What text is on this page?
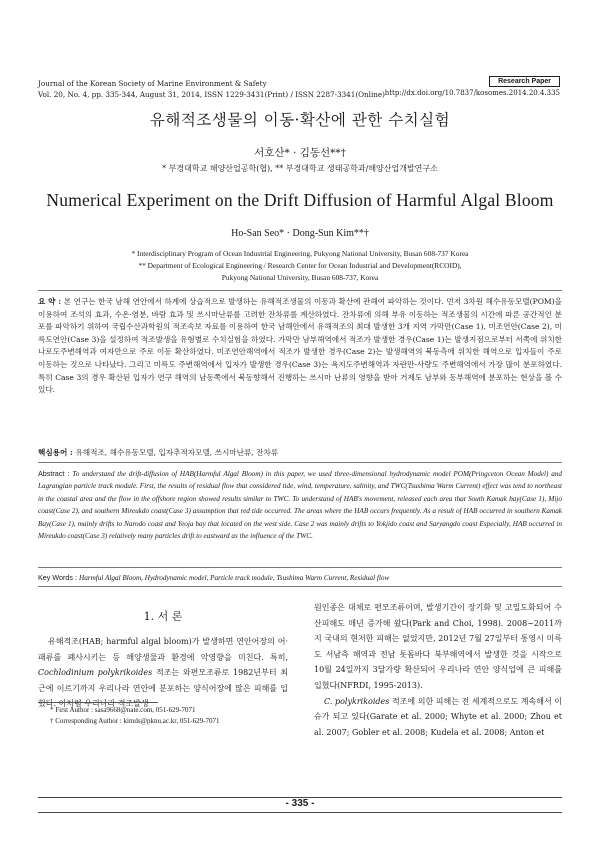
Journal of the Korean Society of Marine Environment & Safety
Vol. 20, No. 4, pp. 335-344, August 31, 2014, ISSN 1229-3431(Print) / ISSN 2287-3341(Online)
Research Paper
http://dx.doi.org/10.7837/kosomes.2014.20.4.335
유해적조생물의 이동·확산에 관한 수치실험
서호산* · 김동선**†
* 부경대학교 해양산업공학(협), ** 부경대학교 생태공학과/해양산업개발연구소
Numerical Experiment on the Drift Diffusion of Harmful Algal Bloom
Ho-San Seo* · Dong-Sun Kim**†
* Interdisciplinary Program of Ocean Industrial Engineering, Pukyong National University, Busan 608-737 Korea
** Department of Ecological Engineering / Research Center for Ocean Industrial and Development(RCOID),
Pukyong National University, Busan 608-737, Korea
요 약 : 본 연구는 한국 남해 연안에서 하계에 상습적으로 발생하는 유해적조생물의 이동과 확산에 관해여 파악하는 것이다. 먼저 3차원 해수유동모델(POM)을 이용하여 조석의 효과, 수온·염분, 바람 효과 및 쓰시마난류를 고려한 잔차류를 계산하였다. 잔차류에 의해 부유 이동하는 적조생물의 시간에 따른 공간적인 분포를 파악하기 위하여 국립수산과학원의 적조속보 자료를 이용하여 한국 남해안에서 유해적조의 최대 발생한 3개 지역 가막만(Case 1), 미조연안(Case 2), 미륵도연안(Case 3)을 설정하여 적조발생을 유형별로 수치실험을 하였다. 가막만 남부해역에서 적조가 발생한 경우(Case 1)는 발생지점으로부터 서쪽에 위치한 나로도주변해역과 여자만으로 주로 이동 확산하였다. 미조연안해역에서 적조가 발생한 경우(Case 2)는 발생해역의 북동측에 위치한 해역으로 입자들이 주로 이동하는 것으로 나타났다. 그리고 미륵도 주변해역에서 입자가 발생한 경우(Case 3)는 욕지도주변해역과 자란만-사량도 주변해역에서 가장 많이 분포하였다. 특히 Case 3의 경우 확산된 입자가 연구 해역의 남동쪽에서 북동향해서 진행하는 쓰시마 난류의 영향을 받아 거제도 남부와 동부해역에 분포하는 현상을 볼 수 있다.
핵심용어 : 유해적조, 해수유동모델, 입자추적자모델, 쓰시마난류, 잔차류
Abstract : To understand the drift-diffusion of HAB(Harmful Algal Bloom) in this paper, we used three-dimensional hydrodynamic model POM(Pringceton Ocean Model) and Lagrangian particle track module. First, the results of residual flow that considered tide, wind, temperature, salinity, and TWC(Tsushima Warm Current) effect was tend to northeast in the coastal area and the flow in the offshore region showed results similar to TWC. To understand of HAB's movement, released each area that South Kamak bay(Case 1), Mijo coast(Case 2), and southern Mireukdo coast(Case 3) assumption that red tide occurred. The areas where the HAB occurs frequently. As a result of HAB occurred in southern Kamak Bay(Case 1), mainly drifts to Narodo coast and Yeoja bay that located on the west side. Case 2 was mainly drifts to Yokjido coast and Saryangdo coast Especially, HAB occurred in Mireukdo coast(Case 3) relatively many particles drift to eastward as the influence of the TWC.
Key Words : Harmful Algal Bloom, Hydrodynamic model, Particle track module, Tsushima Warm Current, Residual flow
1. 서 론
유해적조(HAB; harmful algal bloom)가 발생하면 연안어장의 어·패류를 폐사시키는 등 해양생물과 환경에 악영향을 미친다. 특히, Cochlodinium polykrikoides 적조는 와편모조류로 1982년부터 최근에 이르기까지 우리나라 연안에 분포하는 양식어장에 많은 피해를 입혔다. 이처럼 우리나라 적조발생
원인종은 대체로 편모조류이며, 발생기간이 장기화 및 고밀도화되어 수산피해도 매년 증가해 왔다(Park and Choi, 1998). 2008~2011까지 국내의 현저한 피해는 없었지만, 2012년 7월 27일부터 통영시 미륵도 서남측 해역과 전남 돗돔바다 북부해역에서 발생한 것을 시작으로 10월 24일까지 3달가량 확산되어 우리나라 연안 양식업에 큰 피해를 입혔다(NFRDI, 1995-2013).
C. polykrikoides 적조에 의한 피해는 전 세계적으로도 계속해서 이슈가 되고 있다(Garate et al. 2000; Whyte et al. 2000; Zhou et al. 2007; Gobler et al. 2008; Kudela et al. 2008; Anton et
* First Author : sasa9668@nate.com, 051-629-7071
† Corresponding Author : kimds@pknu.ac.kr, 051-629-7071
- 335 -
